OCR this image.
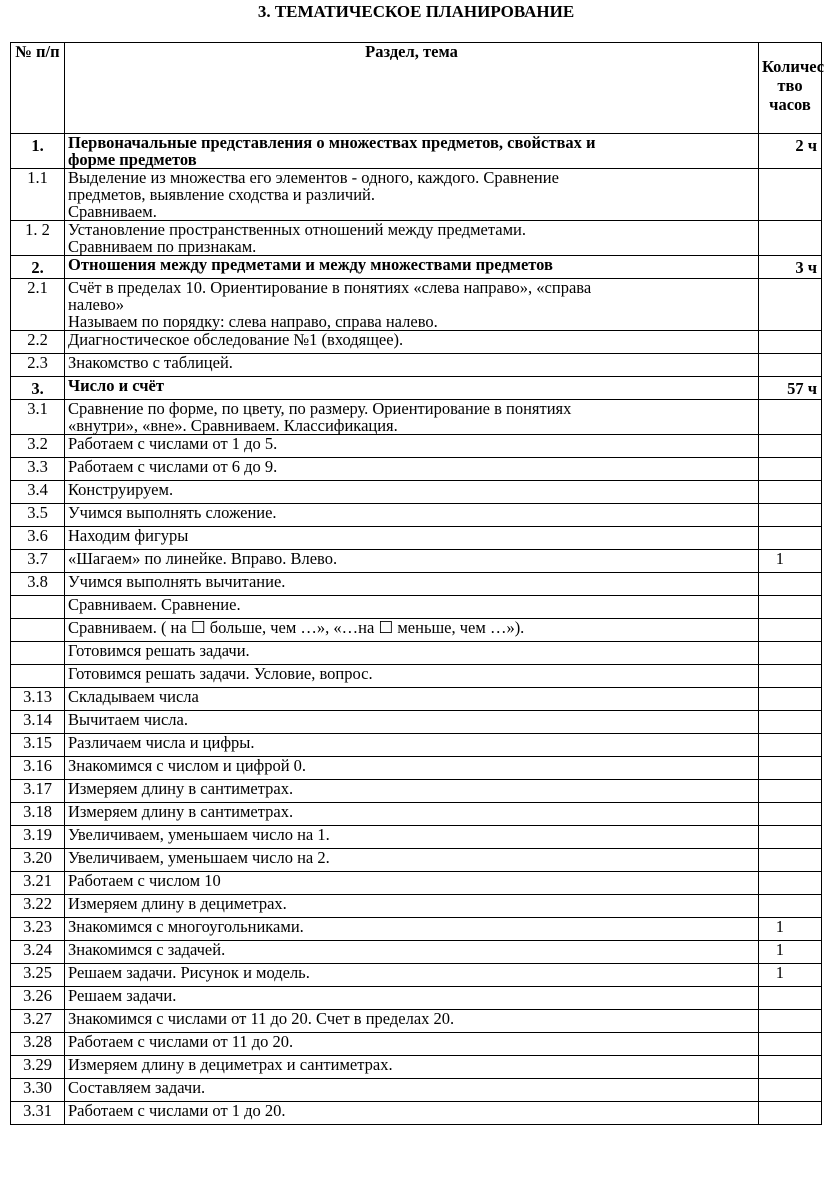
3. ТЕМАТИЧЕСКОЕ ПЛАНИРОВАНИЕ
№ п/п	Раздел, тема	Количес тво часов
1.	Первоначальные представления о множествах предметов, свойствах и
форме предметов	2 ч
1.1	Выделение из множества его элементов - одного, каждого. Сравнение
предметов, выявление сходства и различий.
Сравниваем.	

1. 2	Установление пространственных отношений между предметами.
Сравниваем по признакам.	

2.	Отношения между предметами и между множествами предметов	3 ч
2.1	Счёт в пределах 10. Ориентирование в понятиях «слева направо», «справа
налево»
Называем по порядку: слева направо, справа налево.	

2.2	Диагностическое обследование №1 (входящее).	

2.3	Знакомство с таблицей.	

3.	Число и счёт	57 ч
3.1	Сравнение по форме, по цвету, по размеру. Ориентирование в понятиях
«внутри», «вне». Сравниваем. Классификация.	

3.2	Работаем с числами от 1 до 5.	

3.3	Работаем с числами от 6 до 9.	

3.4	Конструируем.	

3.5	Учимся выполнять сложение.	

3.6	Находим фигуры	

3.7	«Шагаем» по линейке. Вправо. Влево.	1
3.8	Учимся выполнять вычитание.	

	Сравниваем. Сравнение.	

	Сравниваем. ( на ☐ больше, чем …», «…на ☐ меньше, чем …»).	

	Готовимся решать задачи.	

	Готовимся решать задачи. Условие, вопрос.	

3.13	Складываем числа	

3.14	Вычитаем числа.	

3.15	Различаем числа и цифры.	

3.16	Знакомимся с числом и цифрой 0.	

3.17	Измеряем длину в сантиметрах.	

3.18	Измеряем длину в сантиметрах.	

3.19	Увеличиваем, уменьшаем число на 1.	

3.20	Увеличиваем, уменьшаем число на 2.	

3.21	Работаем с числом 10	

3.22	Измеряем длину в дециметрах.	

3.23	Знакомимся с многоугольниками.	1
3.24	Знакомимся с задачей.	1
3.25	Решаем задачи. Рисунок и модель.	1
3.26	Решаем задачи.	

3.27	Знакомимся с числами от 11 до 20. Счет в пределах 20.	

3.28	Работаем с числами от 11 до 20.	

3.29	Измеряем длину в дециметрах и сантиметрах.	

3.30	Составляем задачи.	

3.31	Работаем с числами от 1 до 20.	
